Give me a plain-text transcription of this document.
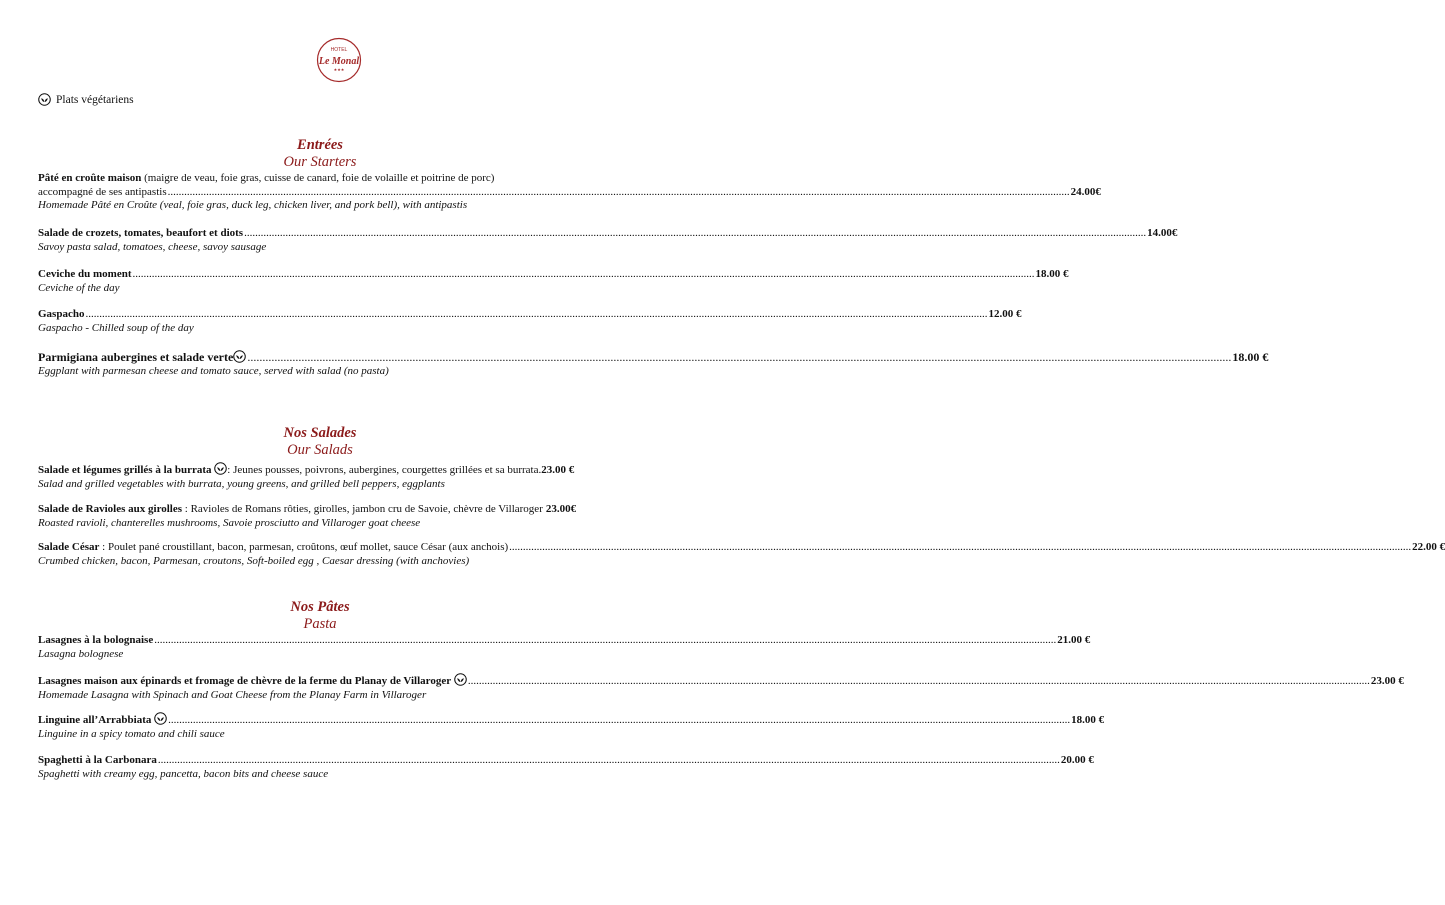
HOTEL
Le Monal
★★★
Plats végétariens
Entrées
Our Starters
Pâté en croûte maison (maigre de veau, foie gras, cuisse de canard, foie de volaille et poitrine de porc)
accompagné de ses antipastis .....	24.00€
Homemade Pâté en Croûte (veal, foie gras, duck leg, chicken liver, and pork bell), with antipastis
Salade de crozets, tomates, beaufort et diots .....	14.00€
Savoy pasta salad, tomatoes, cheese, savoy sausage
Ceviche du moment .....	18.00 €
Ceviche of the day
Gaspacho .....	12.00 €
Gaspacho - Chilled soup of the day
Parmigiana aubergines et salade verte .....	18.00 €
Eggplant with parmesan cheese and tomato sauce, served with salad (no pasta)
Nos Salades
Our Salads
Salade et légumes grillés à la burrata : Jeunes pousses, poivrons, aubergines, courgettes grillées et sa burrata. 23.00 €
Salad and grilled vegetables with burrata, young greens, and grilled bell peppers, eggplants
Salade de Ravioles aux girolles : Ravioles de Romans rôties, girolles, jambon cru de Savoie, chèvre de Villaroger 23.00€
Roasted ravioli, chanterelles mushrooms, Savoie prosciutto and Villaroger goat cheese
Salade César : Poulet pané croustillant, bacon, parmesan, croûtons, œuf mollet, sauce César (aux anchois) .....	22.00 €
Crumbed chicken, bacon, Parmesan, croutons, Soft-boiled egg , Caesar dressing (with anchovies)
Nos Pâtes
Pasta
Lasagnes à la bolognaise .....	21.00 €
Lasagna bolognese
Lasagnes maison aux épinards et fromage de chèvre de la ferme du Planay de Villaroger .....	23.00 €
Homemade Lasagna with Spinach and Goat Cheese from the Planay Farm in Villaroger
Linguine all’Arrabbiata .....	18.00 €
Linguine in a spicy tomato and chili sauce
Spaghetti à la Carbonara .....	20.00 €
Spaghetti with creamy egg, pancetta, bacon bits and cheese sauce
